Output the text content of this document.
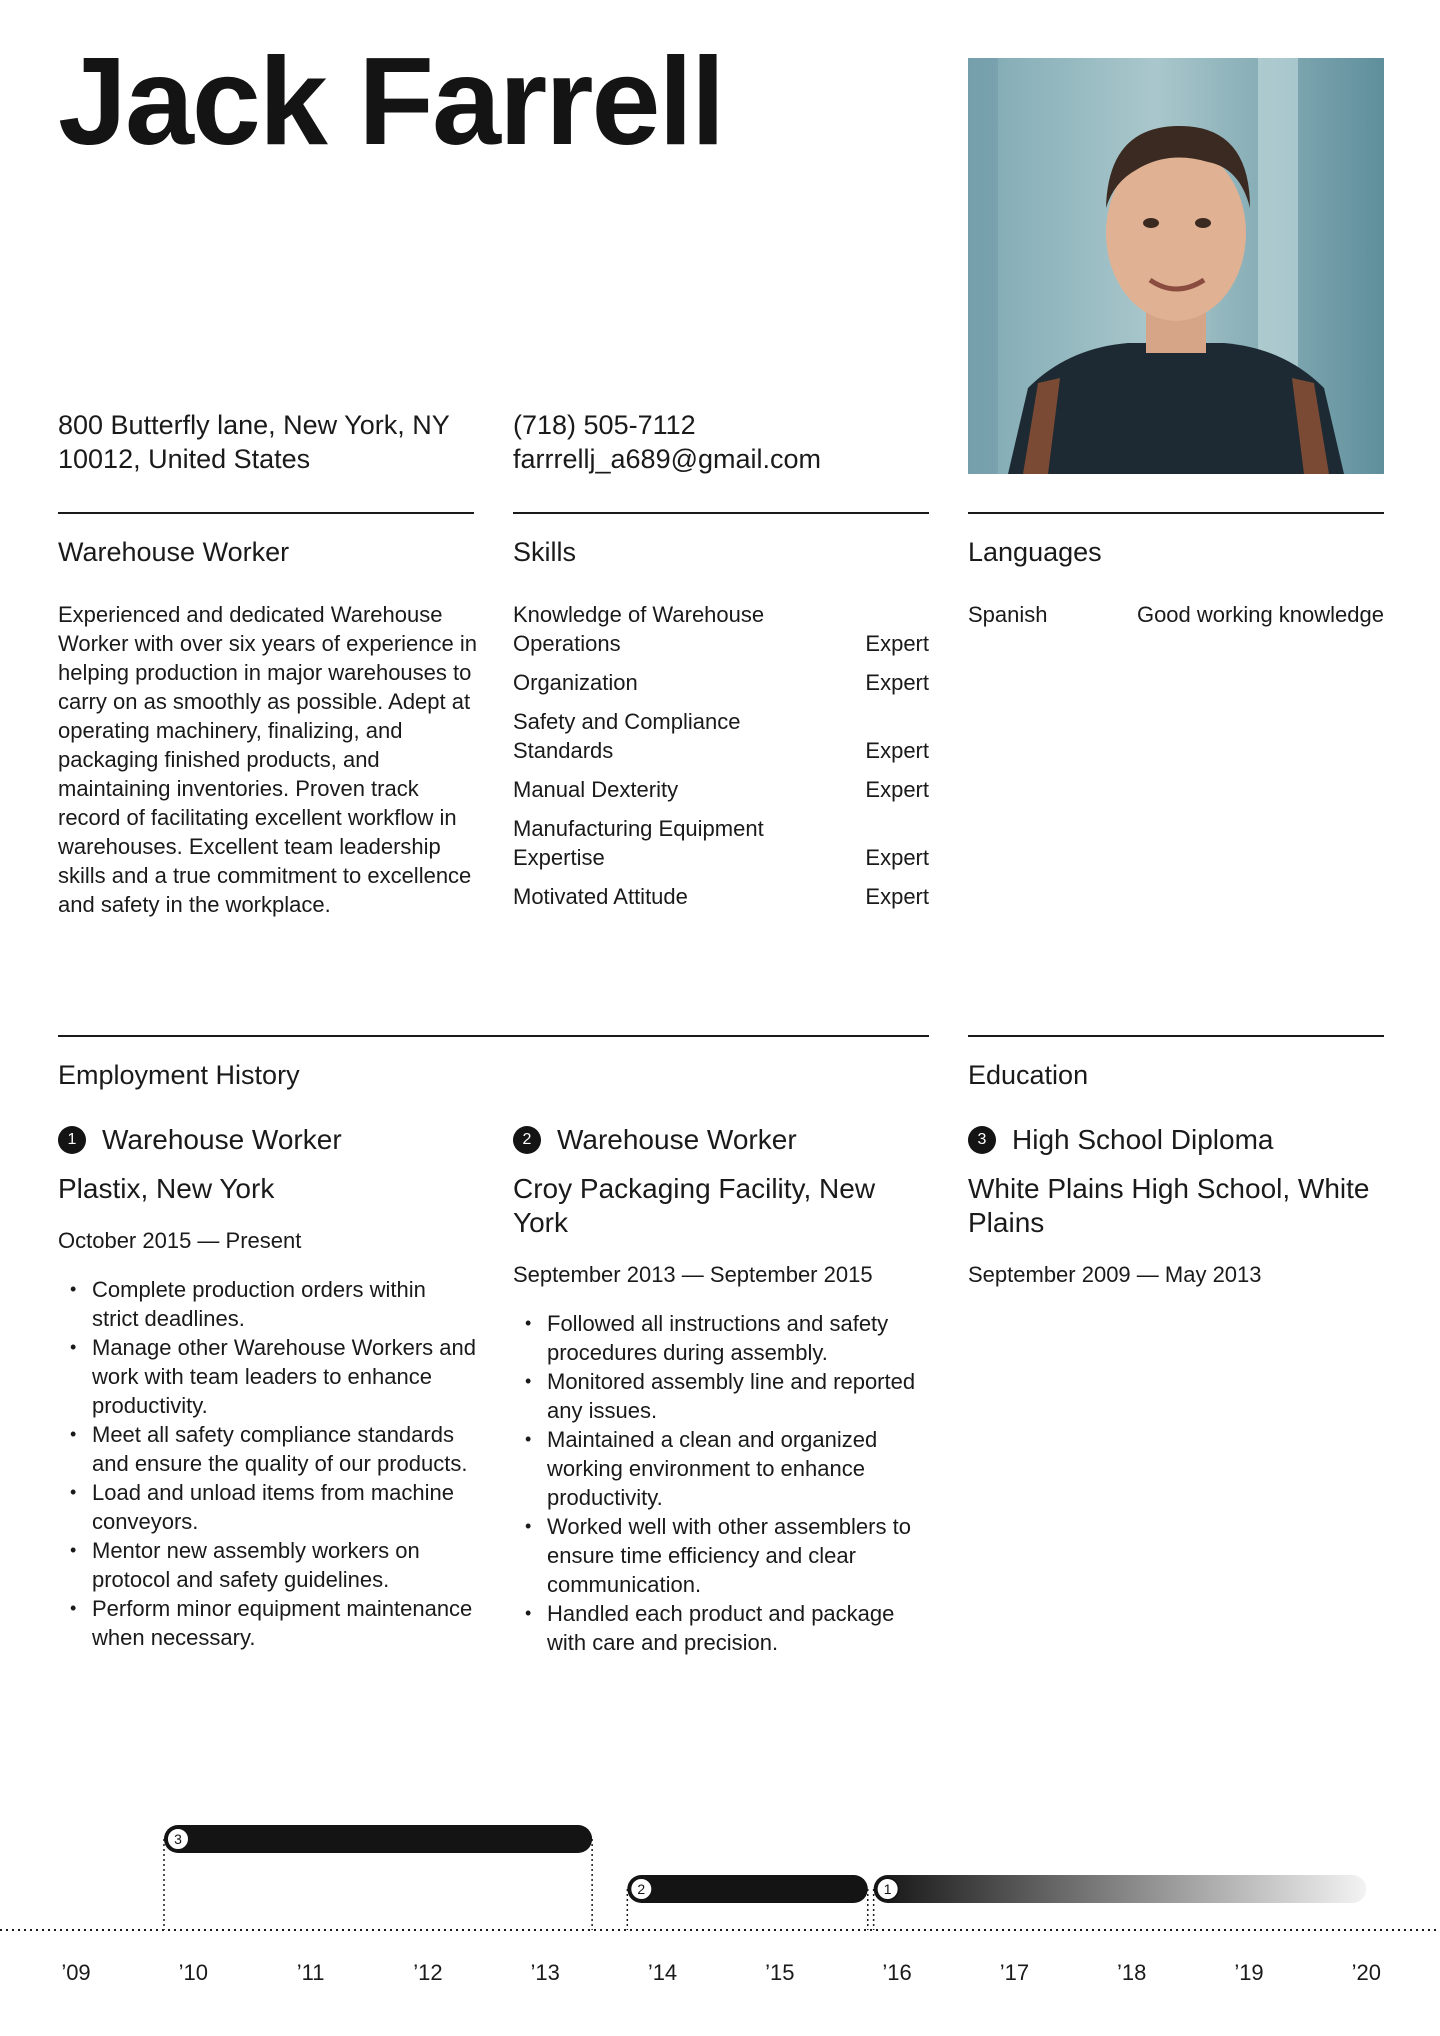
Jack Farrell
800 Butterfly lane, New York, NY
10012, United States
(718) 505-7112
farrrellj_a689@gmail.com
Warehouse Worker	Skills	Languages
Employment History	Education

Experienced and dedicated Warehouse Worker with over six years of experience in helping production in major warehouses to carry on as smoothly as possible. Adept at operating machinery, finalizing, and packaging finished products, and maintaining inventories. Proven track record of facilitating excellent workflow in warehouses. Excellent team leadership skills and a true commitment to excellence and safety in the workplace.

Knowledge of Warehouse Operations	Expert
Organization	Expert
Safety and Compliance Standards	Expert
Manual Dexterity	Expert
Manufacturing Equipment Expertise	Expert
Motivated Attitude	Expert
Spanish	Good working knowledge
1 Warehouse Worker
Plastix, New York
October 2015 — Present
• Complete production orders within strict deadlines.
• Manage other Warehouse Workers and work with team leaders to enhance productivity.
• Meet all safety compliance standards and ensure the quality of our products.
• Load and unload items from machine conveyors.
• Mentor new assembly workers on protocol and safety guidelines.
• Perform minor equipment maintenance when necessary.
2 Warehouse Worker
Croy Packaging Facility, New York
September 2013 — September 2015
• Followed all instructions and safety procedures during assembly.
• Monitored assembly line and reported any issues.
• Maintained a clean and organized working environment to enhance productivity.
• Worked well with other assemblers to ensure time efficiency and clear communication.
• Handled each product and package with care and precision.
3 High School Diploma
White Plains High School, White Plains
September 2009 — May 2013
3
2	1
’09	’10	’11	’12	’13	’14	’15	’16	’17	’18	’19	’20
